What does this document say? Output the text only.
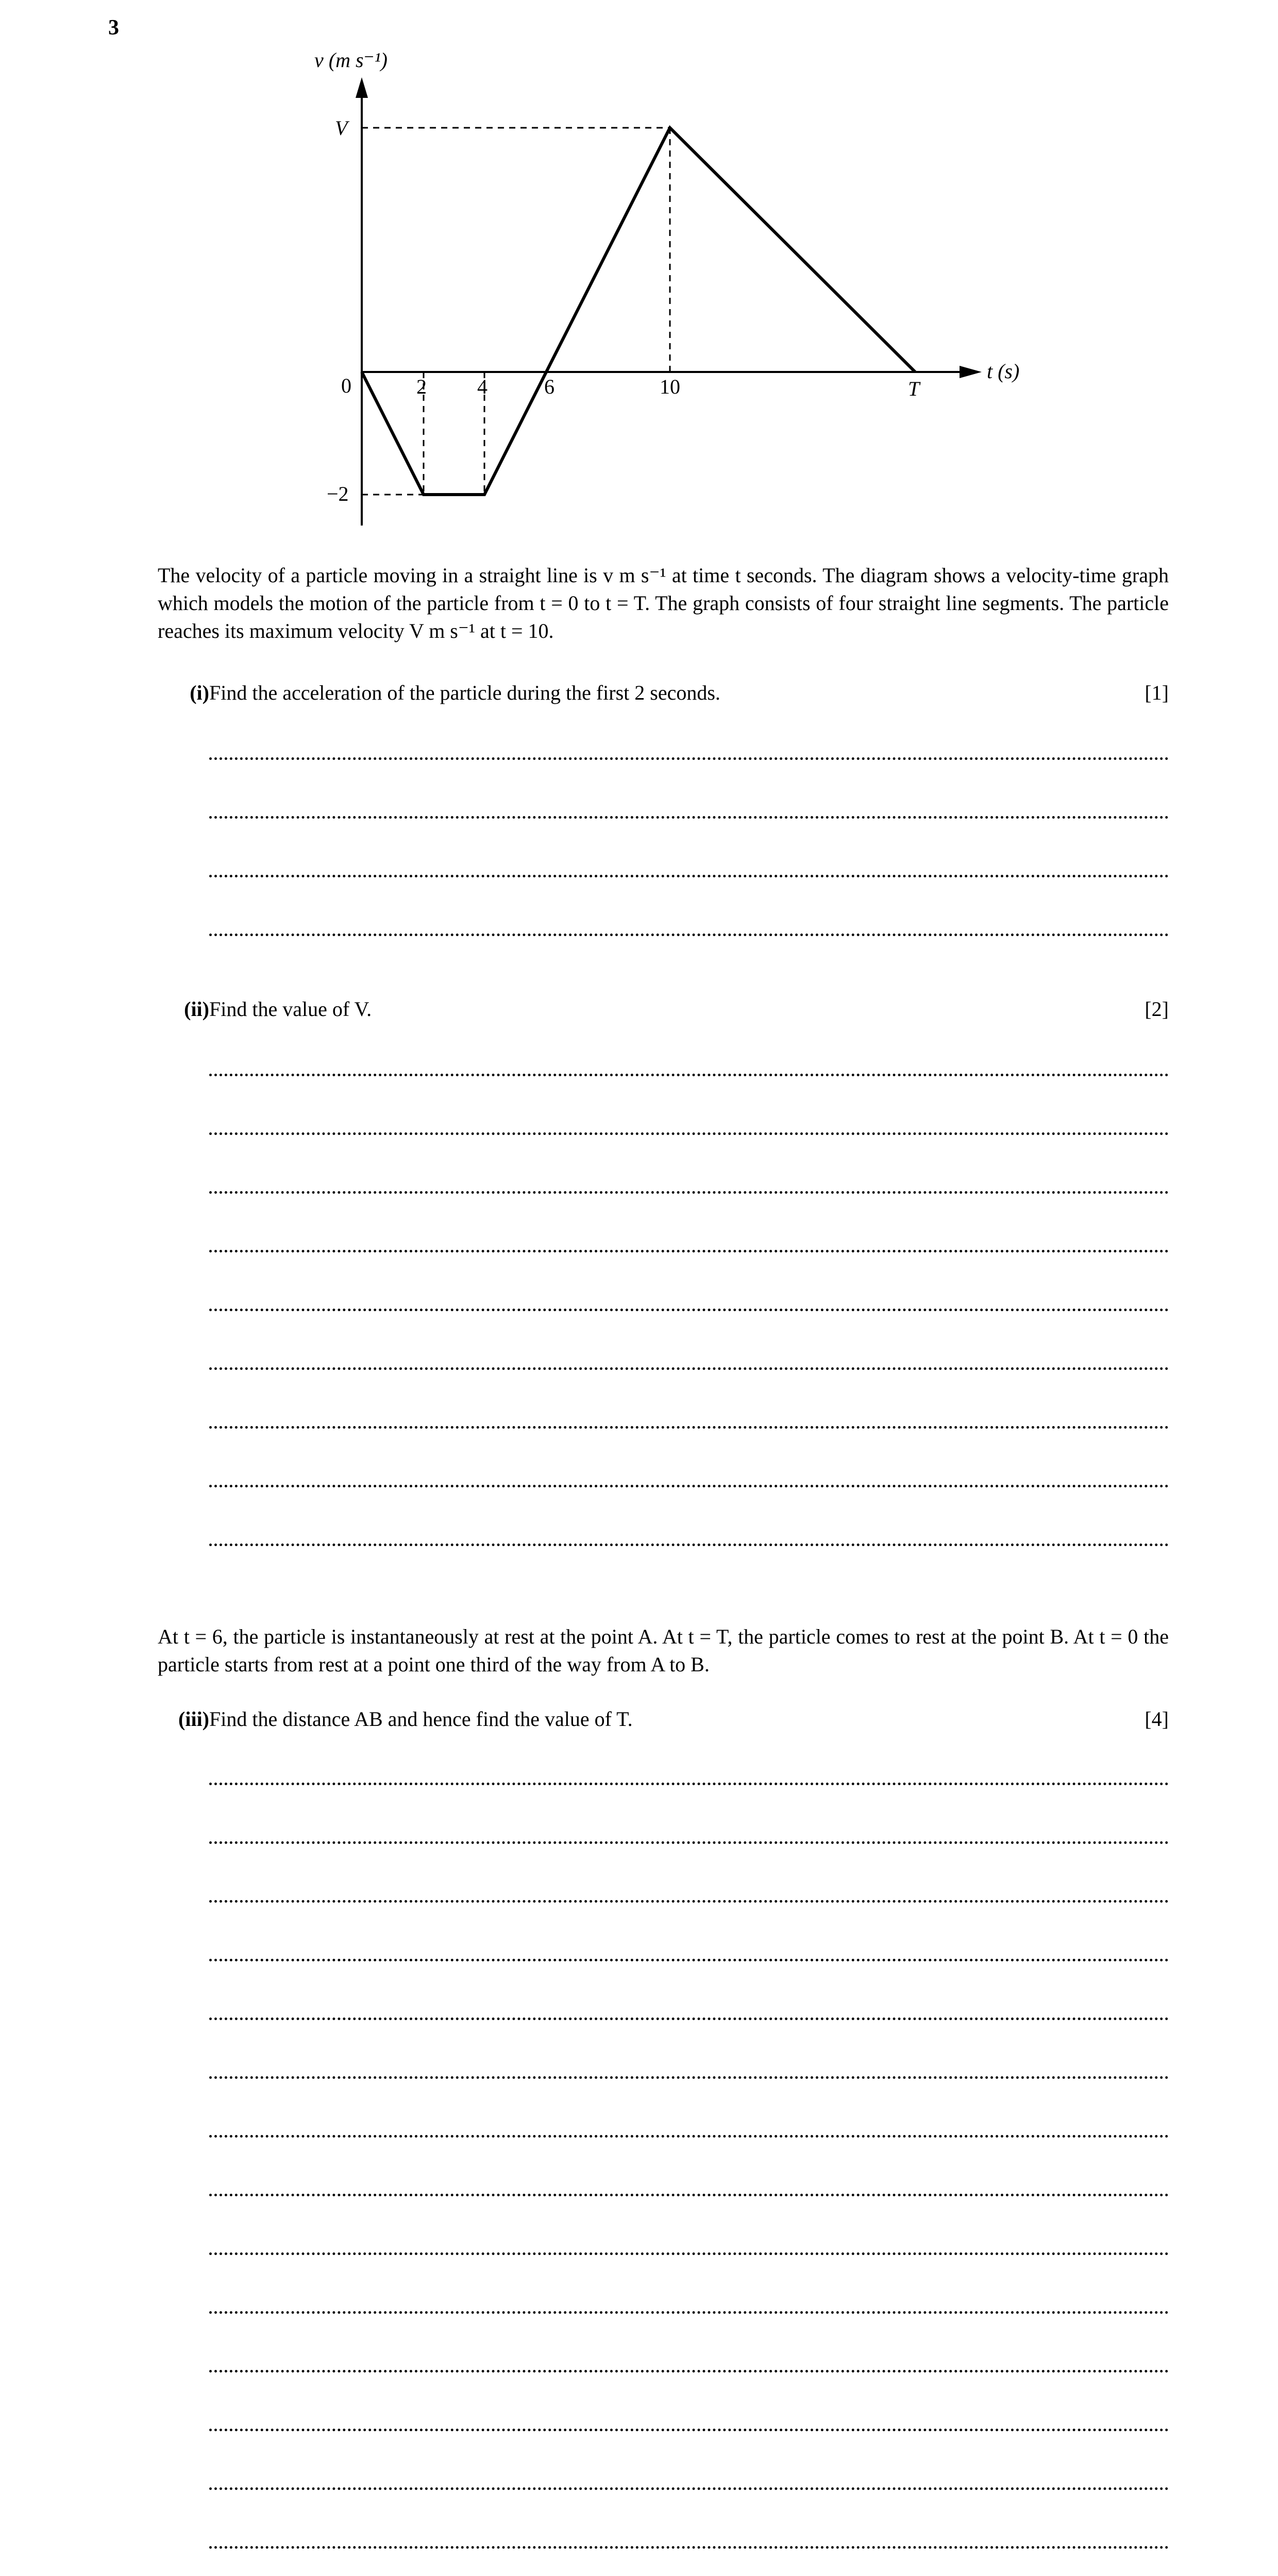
3
v (m s⁻¹)
t (s)
V
0
−2
2 4	6	10	T
The velocity of a particle moving in a straight line is v m s⁻¹ at time t seconds. The diagram shows a velocity-time graph which models the motion of the particle from t = 0 to t = T. The graph consists of four straight line segments. The particle reaches its maximum velocity V m s⁻¹ at t = 10.
(i) Find the acceleration of the particle during the first 2 seconds.	[1]
(ii) Find the value of V.	[2]
At t = 6, the particle is instantaneously at rest at the point A. At t = T, the particle comes to rest at the point B. At t = 0 the particle starts from rest at a point one third of the way from A to B.
(iii) Find the distance AB and hence find the value of T.	[4]
